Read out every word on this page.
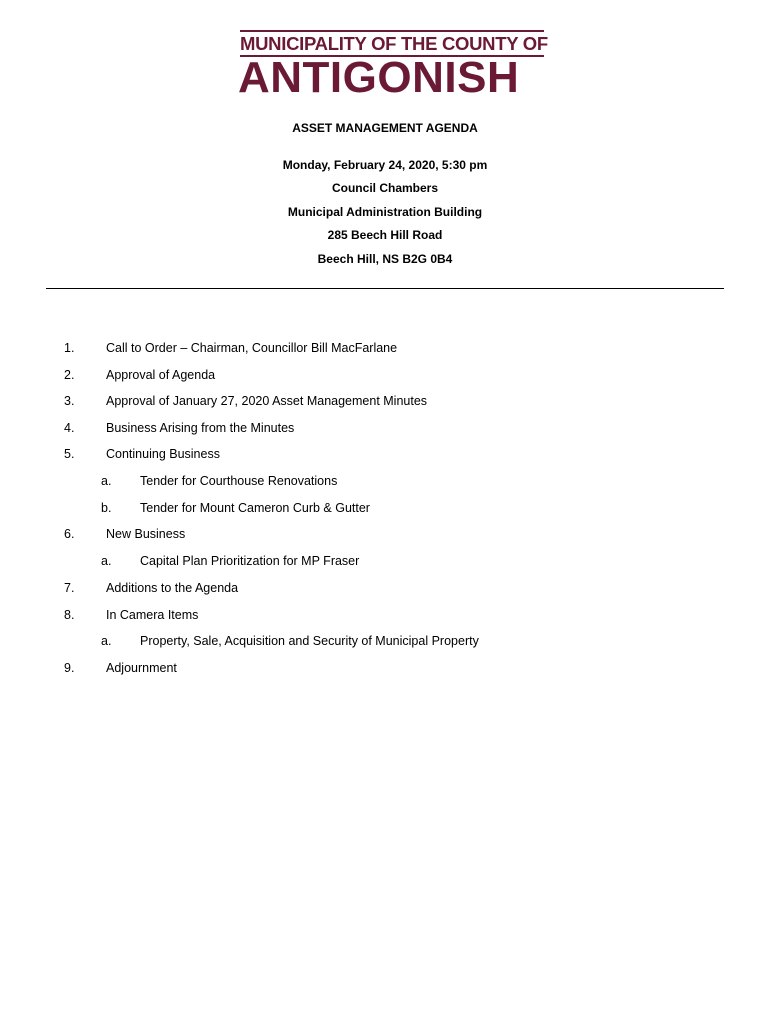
MUNICIPALITY OF THE COUNTY OF
ANTIGONISH
ASSET MANAGEMENT AGENDA
Monday, February 24, 2020, 5:30 pm
Council Chambers
Municipal Administration Building
285 Beech Hill Road
Beech Hill, NS B2G 0B4
1.	Call to Order – Chairman, Councillor Bill MacFarlane
2.	Approval of Agenda
3.	Approval of January 27, 2020 Asset Management Minutes
4.	Business Arising from the Minutes
5.	Continuing Business
a. Tender for Courthouse Renovations
b. Tender for Mount Cameron Curb & Gutter
6.	New Business
a. Capital Plan Prioritization for MP Fraser
7.	Additions to the Agenda
8.	In Camera Items
a. Property, Sale, Acquisition and Security of Municipal Property
9.	Adjournment
